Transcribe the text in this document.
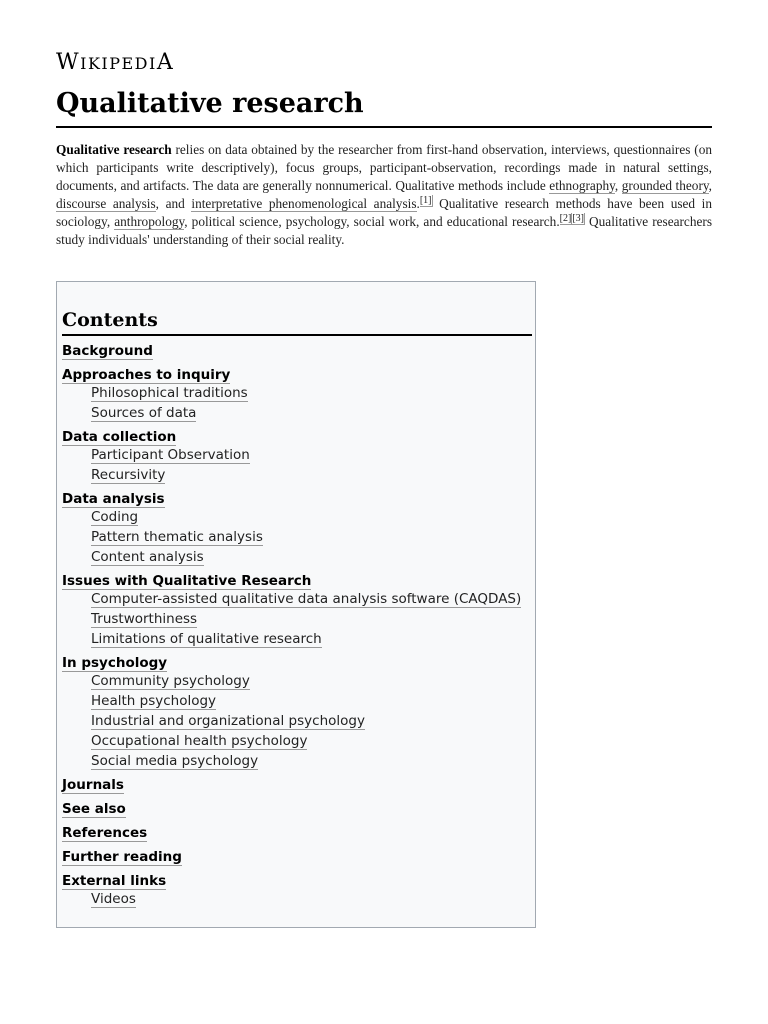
WIKIPEDIA
Qualitative research

Qualitative research relies on data obtained by the researcher from first-hand observation, interviews, questionnaires (on which participants write descriptively), focus groups, participant-observation, recordings made in natural settings, documents, and artifacts. The data are generally nonnumerical. Qualitative methods include ethnography, grounded theory, discourse analysis, and interpretative phenomenological analysis.[1] Qualitative research methods have been used in sociology, anthropology, political science, psychology, social work, and educational research.[2][3] Qualitative researchers study individuals' understanding of their social reality.

Contents
Background
Approaches to inquiry
Philosophical traditions
Sources of data
Data collection
Participant Observation
Recursivity
Data analysis
Coding
Pattern thematic analysis
Content analysis
Issues with Qualitative Research
Computer-assisted qualitative data analysis software (CAQDAS)
Trustworthiness
Limitations of qualitative research
In psychology
Community psychology
Health psychology
Industrial and organizational psychology
Occupational health psychology
Social media psychology
Journals
See also
References
Further reading
External links
Videos
